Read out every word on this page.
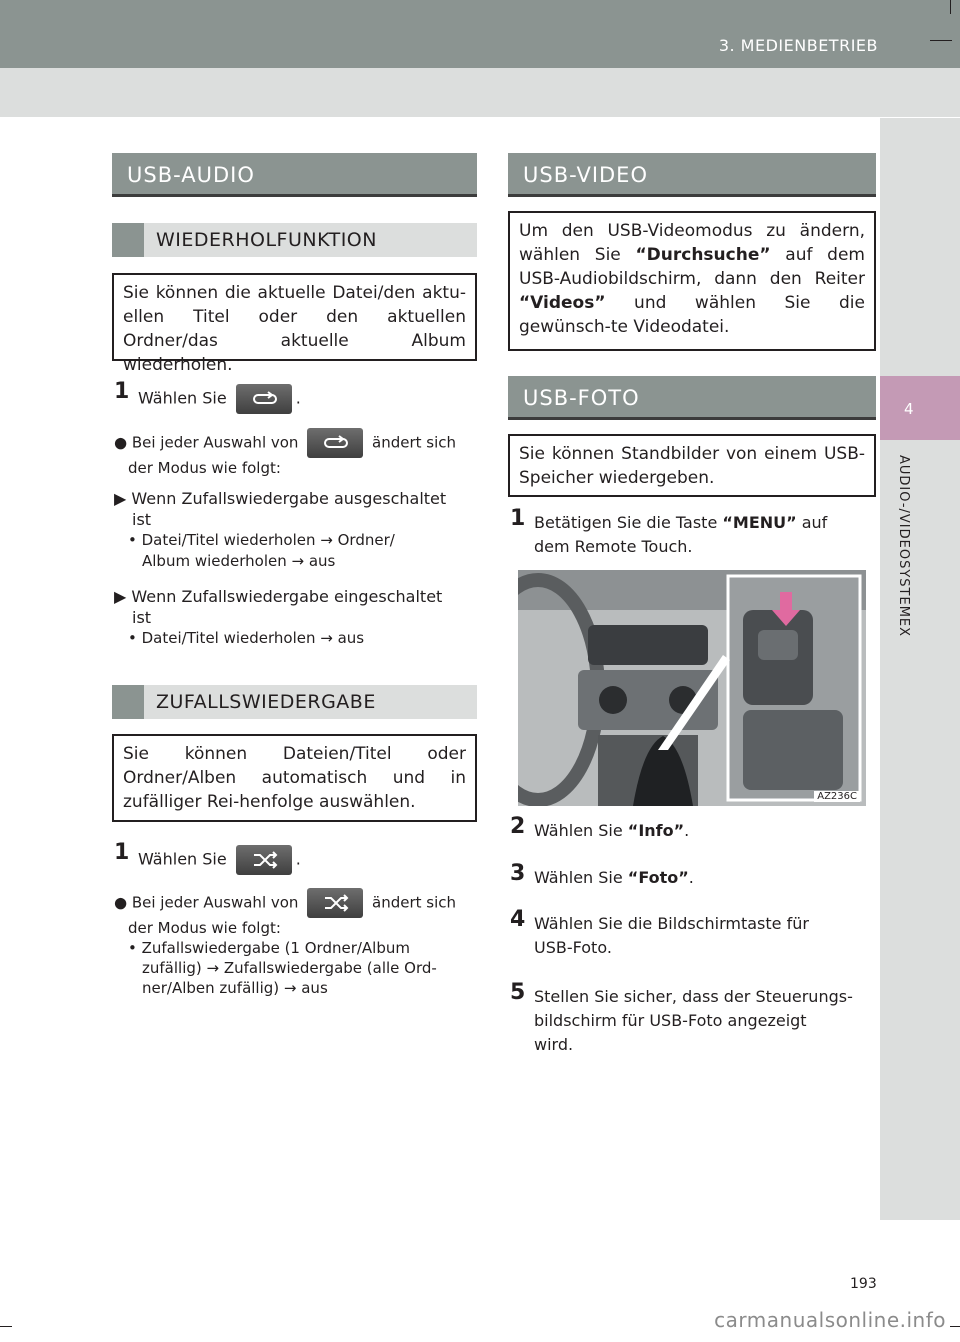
3. MEDIENBETRIEB
4
AUDIO-/VIDEOSYSTEMEX
USB-AUDIO
WIEDERHOLFUNKTION
Sie können die aktuelle Datei/den aktu-ellen Titel oder den aktuellen Ordner/das aktuelle Album wiederholen.
1 Wählen Sie	.
● Bei jeder Auswahl von	ändert sich
der Modus wie folgt:
▶ Wenn Zufallswiedergabe ausgeschaltet
ist
• Datei/Titel wiederholen → Ordner/
Album wiederholen → aus
▶ Wenn Zufallswiedergabe eingeschaltet
ist
• Datei/Titel wiederholen → aus
ZUFALLSWIEDERGABE
Sie können Dateien/Titel oder Ordner/Alben automatisch und in zufälliger Rei-henfolge auswählen.
1 Wählen Sie	.
● Bei jeder Auswahl von	ändert sich
der Modus wie folgt:
• Zufallswiedergabe (1 Ordner/Album
zufällig) → Zufallswiedergabe (alle Ord-
ner/Alben zufällig) → aus
USB-VIDEO
Um den USB-Videomodus zu ändern, wählen Sie “Durchsuche” auf dem USB-Audiobildschirm, dann den Reiter “Videos” und wählen Sie die gewünsch-te Videodatei.
USB-FOTO
Sie können Standbilder von einem USB-Speicher wiedergeben.
1 Betätigen Sie die Taste “MENU” auf
dem Remote Touch.
AZ236C
2 Wählen Sie “Info”.
3 Wählen Sie “Foto”.
4 Wählen Sie die Bildschirmtaste für
USB-Foto.
5 Stellen Sie sicher, dass der Steuerungs-
bildschirm für USB-Foto angezeigt
wird.
193
carmanualsonline.info
